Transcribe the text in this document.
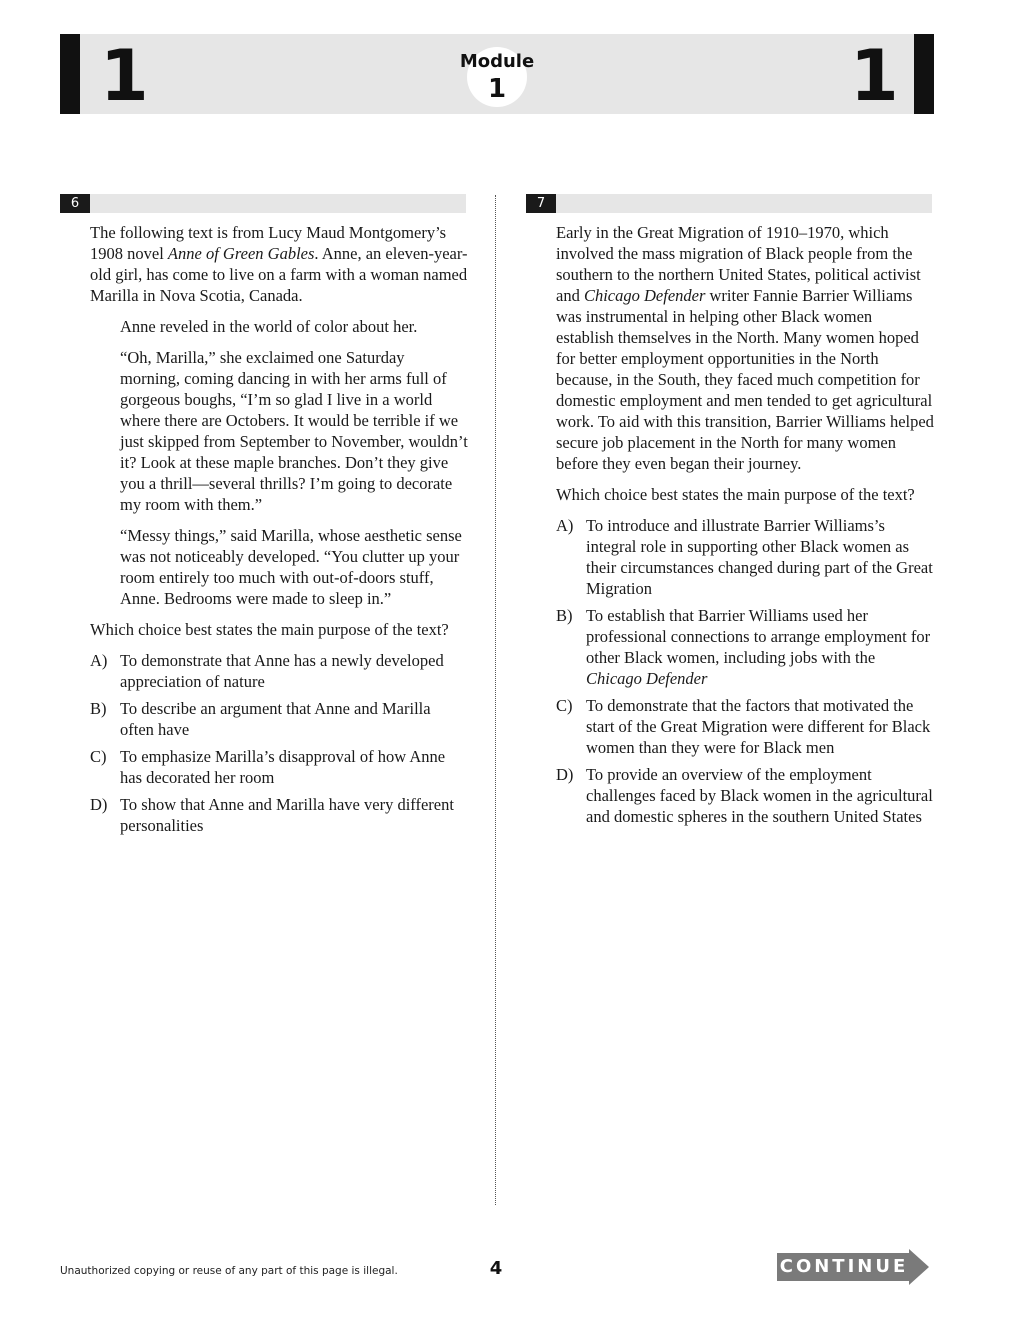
1	1
Module
1
6	7

The following text is from Lucy Maud Montgomery’s 1908 novel Anne of Green Gables. Anne, an eleven-year-old girl, has come to live on a farm with a woman named Marilla in Nova Scotia, Canada.

Anne reveled in the world of color about her.

“Oh, Marilla,” she exclaimed one Saturday morning, coming dancing in with her arms full of gorgeous boughs, “I’m so glad I live in a world where there are Octobers. It would be terrible if we just skipped from September to November, wouldn’t it? Look at these maple branches. Don’t they give you a thrill—several thrills? I’m going to decorate my room with them.”

“Messy things,” said Marilla, whose aesthetic sense was not noticeably developed. “You clutter up your room entirely too much with out-of-doors stuff, Anne. Bedrooms were made to sleep in.”

Which choice best states the main purpose of the text?

A) To demonstrate that Anne has a newly developed appreciation of nature
B) To describe an argument that Anne and Marilla often have
C) To emphasize Marilla’s disapproval of how Anne has decorated her room
D) To show that Anne and Marilla have very different personalities

Early in the Great Migration of 1910–1970, which involved the mass migration of Black people from the southern to the northern United States, political activist and Chicago Defender writer Fannie Barrier Williams was instrumental in helping other Black women establish themselves in the North. Many women hoped for better employment opportunities in the North because, in the South, they faced much competition for domestic employment and men tended to get agricultural work. To aid with this transition, Barrier Williams helped secure job placement in the North for many women before they even began their journey.

Which choice best states the main purpose of the text?

A) To introduce and illustrate Barrier Williams’s integral role in supporting other Black women as their circumstances changed during part of the Great Migration
B) To establish that Barrier Williams used her professional connections to arrange employment for other Black women, including jobs with the Chicago Defender
C) To demonstrate that the factors that motivated the start of the Great Migration were different for Black women than they were for Black men
D) To provide an overview of the employment challenges faced by Black women in the agricultural and domestic spheres in the southern United States
Unauthorized copying or reuse of any part of this page is illegal.	4	CONTINUE
